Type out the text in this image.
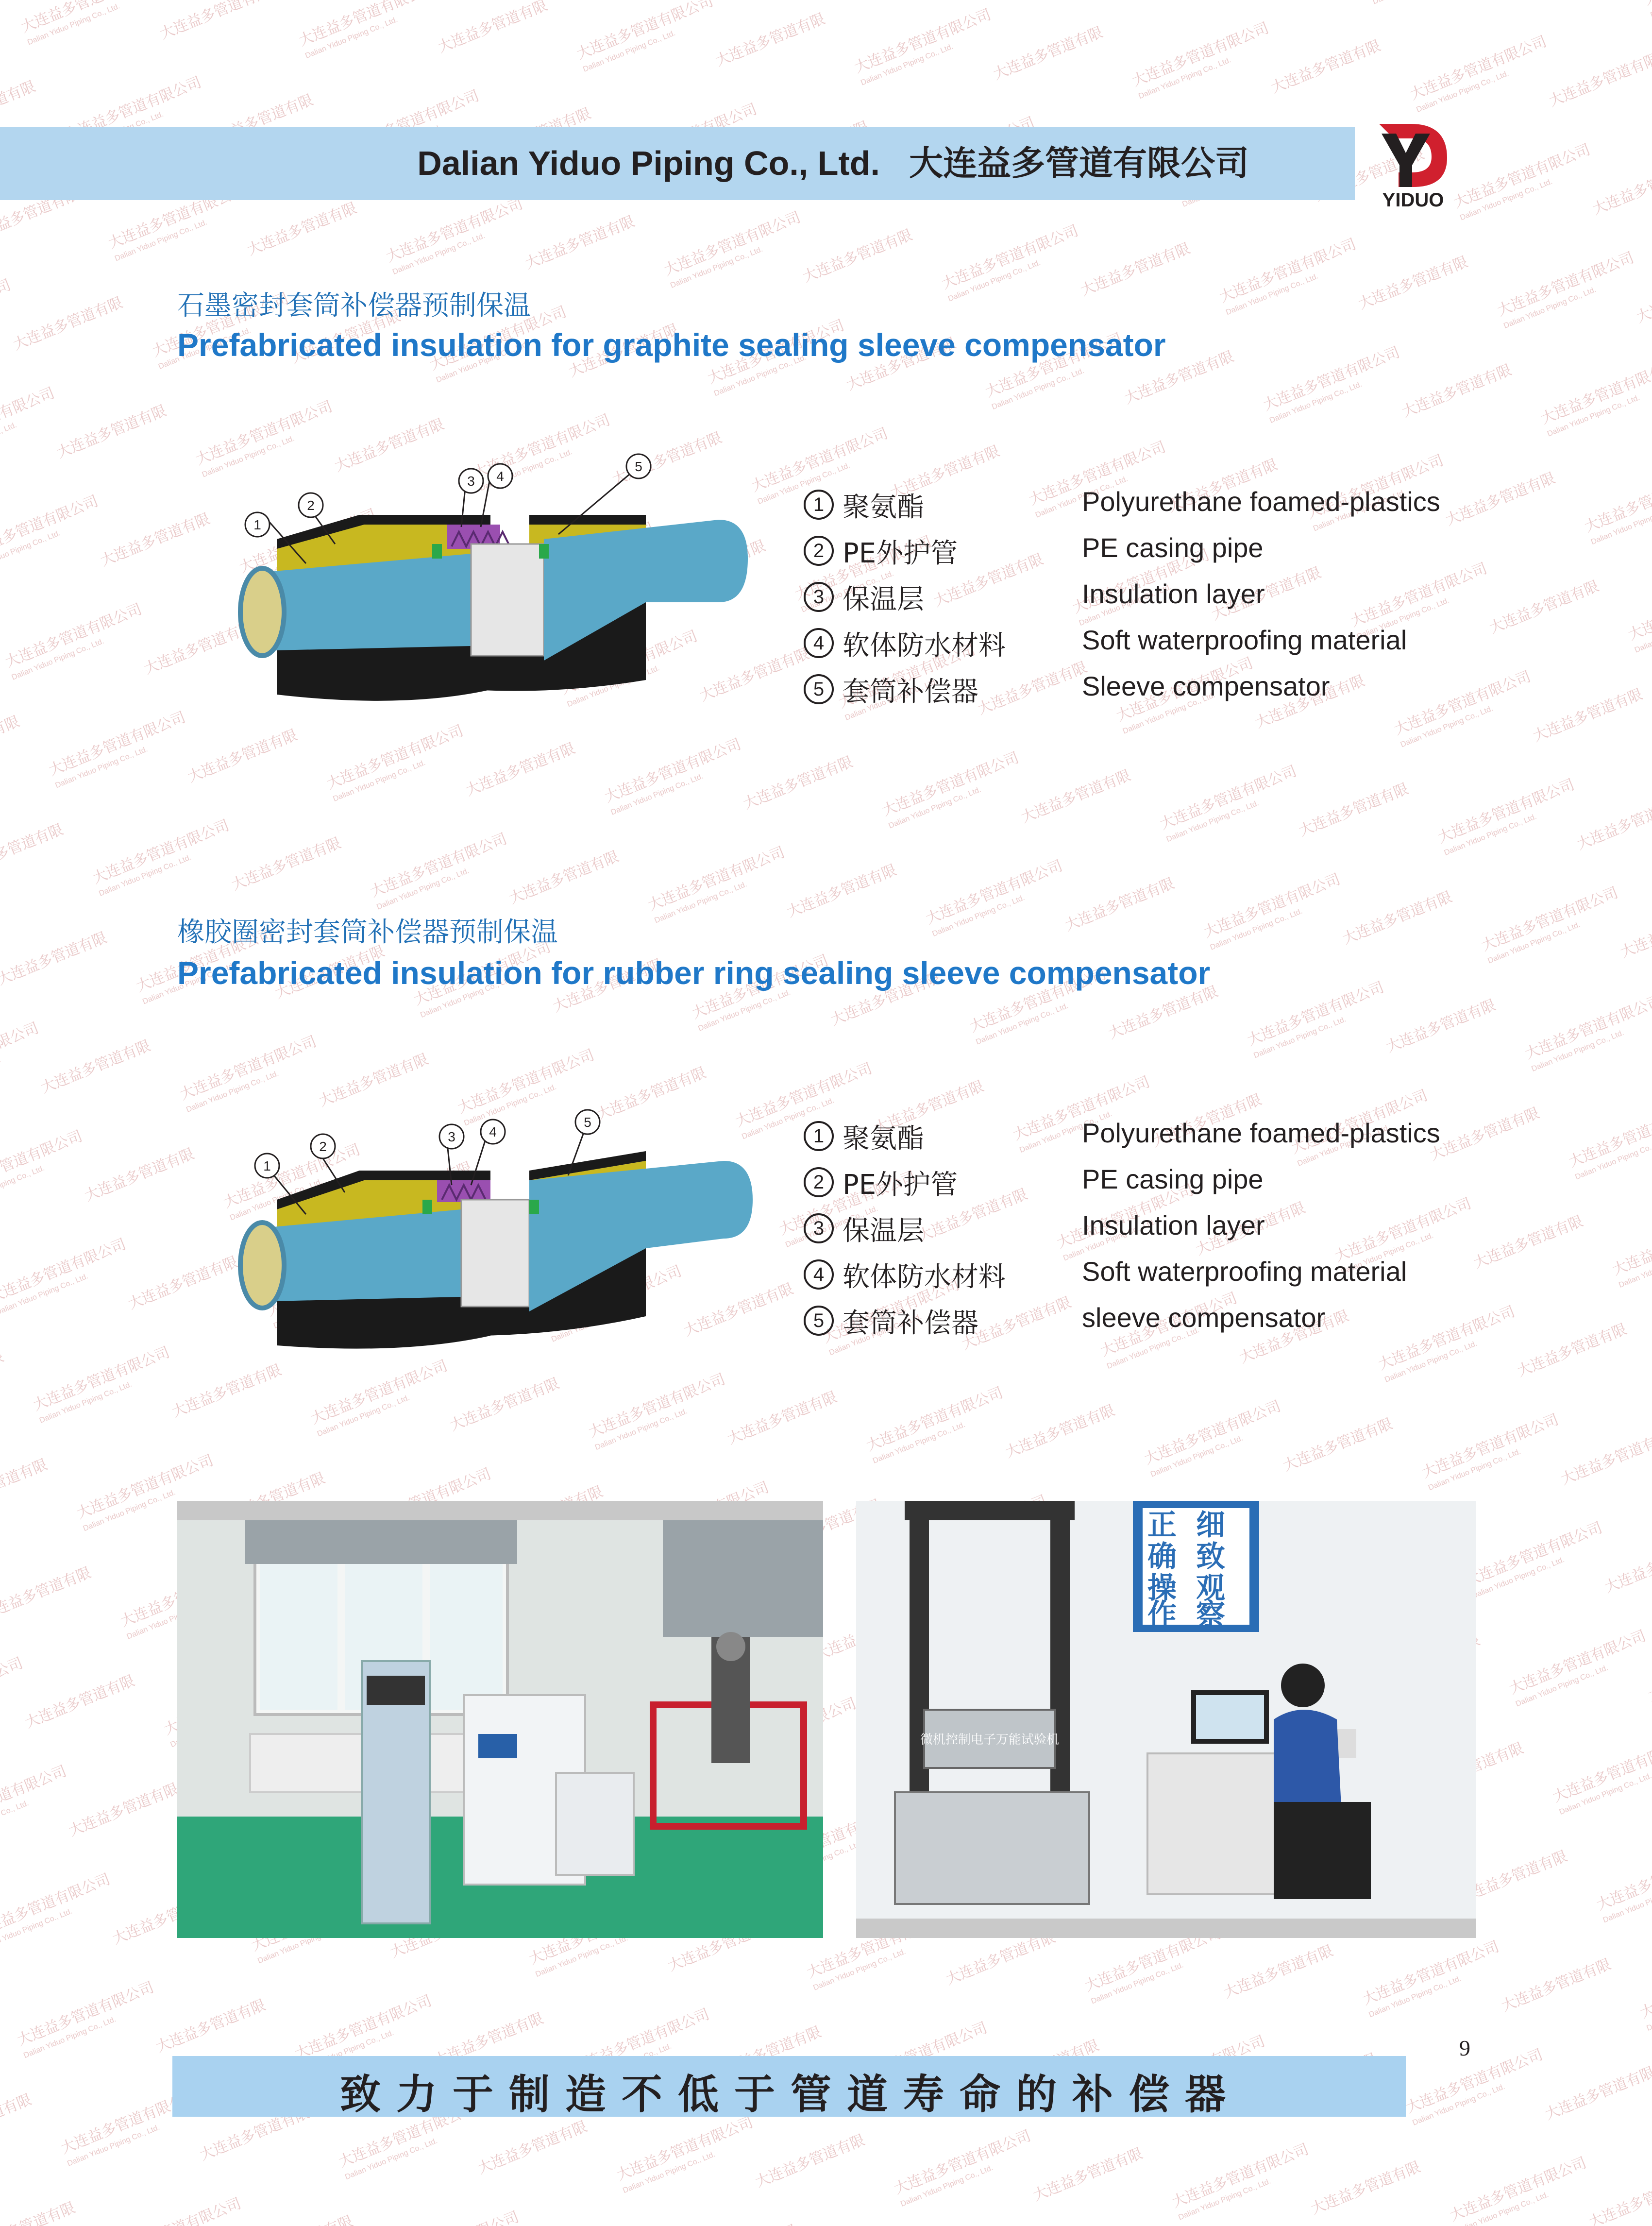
Dalian Yiduo Piping Co., Ltd. 大连益多管道有限公司
YIDUO
石墨密封套筒补偿器预制保温
Prefabricated insulation for graphite sealing sleeve compensator
1
2
3 4
5
1 聚氨酯	Polyurethane foamed-plastics
2 PE外护管	PE casing pipe
3 保温层	Insulation layer
4 软体防水材料	Soft waterproofing material
5 套筒补偿器	Sleeve compensator
橡胶圈密封套筒补偿器预制保温
Prefabricated insulation for rubber ring sealing sleeve compensator
1
2
3 4
5
1 聚氨酯	Polyurethane foamed-plastics
2 PE外护管	PE casing pipe
3 保温层	Insulation layer
4 软体防水材料	Soft waterproofing material
5 套筒补偿器	sleeve compensator
正 细
确 致
操 观
作 察
微机控制电子万能试验机
致力于制造不低于管道寿命的补偿器
9
